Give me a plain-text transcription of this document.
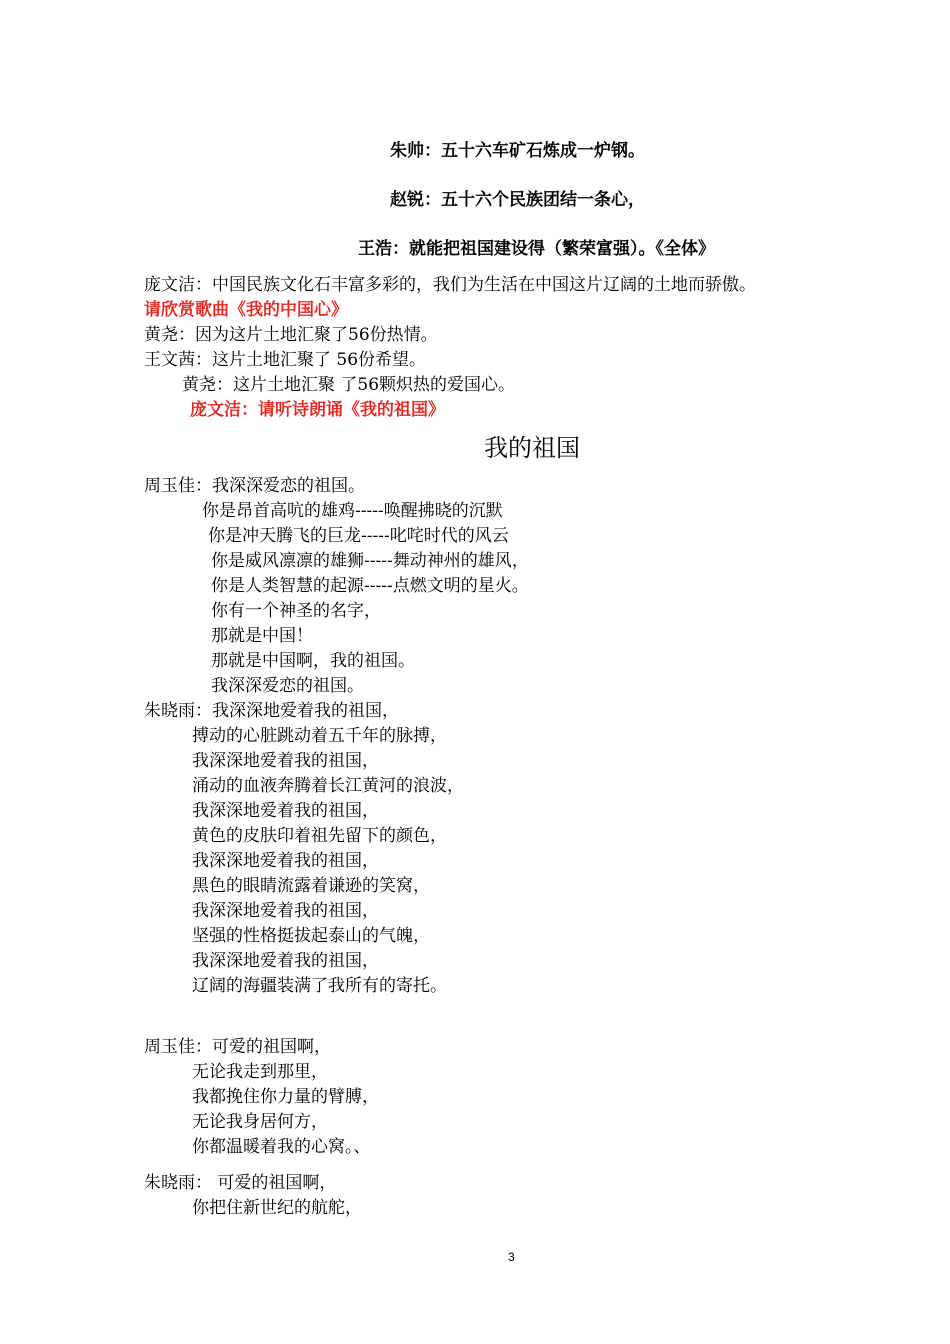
朱帅：五十六车矿石炼成一炉钢。
赵锐：五十六个民族团结一条心，
王浩：就能把祖国建设得（繁荣富强）。《全体》
庞文洁：中国民族文化石丰富多彩的，我们为生活在中国这片辽阔的土地而骄傲。
请欣赏歌曲《我的中国心》
黄尧：因为这片土地汇聚了56份热情。
王文茜：这片土地汇聚了 56份希望。
黄尧：这片土地汇聚 了56颗炽热的爱国心。
庞文洁：请听诗朗诵《我的祖国》
我的祖国
周玉佳：我深深爱恋的祖国。
你是昂首高吭的雄鸡-----唤醒拂晓的沉默
你是冲天腾飞的巨龙-----叱咤时代的风云
你是威风凛凛的雄狮-----舞动神州的雄风，
你是人类智慧的起源-----点燃文明的星火。
你有一个神圣的名字，
那就是中国！
那就是中国啊，我的祖国。
我深深爱恋的祖国。
朱晓雨：我深深地爱着我的祖国，
搏动的心脏跳动着五千年的脉搏，
我深深地爱着我的祖国，
涌动的血液奔腾着长江黄河的浪波，
我深深地爱着我的祖国，
黄色的皮肤印着祖先留下的颜色，
我深深地爱着我的祖国，
黑色的眼睛流露着谦逊的笑窝，
我深深地爱着我的祖国，
坚强的性格挺拔起泰山的气魄，
我深深地爱着我的祖国，
辽阔的海疆装满了我所有的寄托。
周玉佳：可爱的祖国啊，
无论我走到那里，
我都挽住你力量的臂膊，
无论我身居何方，
你都温暖着我的心窝。、
朱晓雨： 可爱的祖国啊，
你把住新世纪的航舵，
3
